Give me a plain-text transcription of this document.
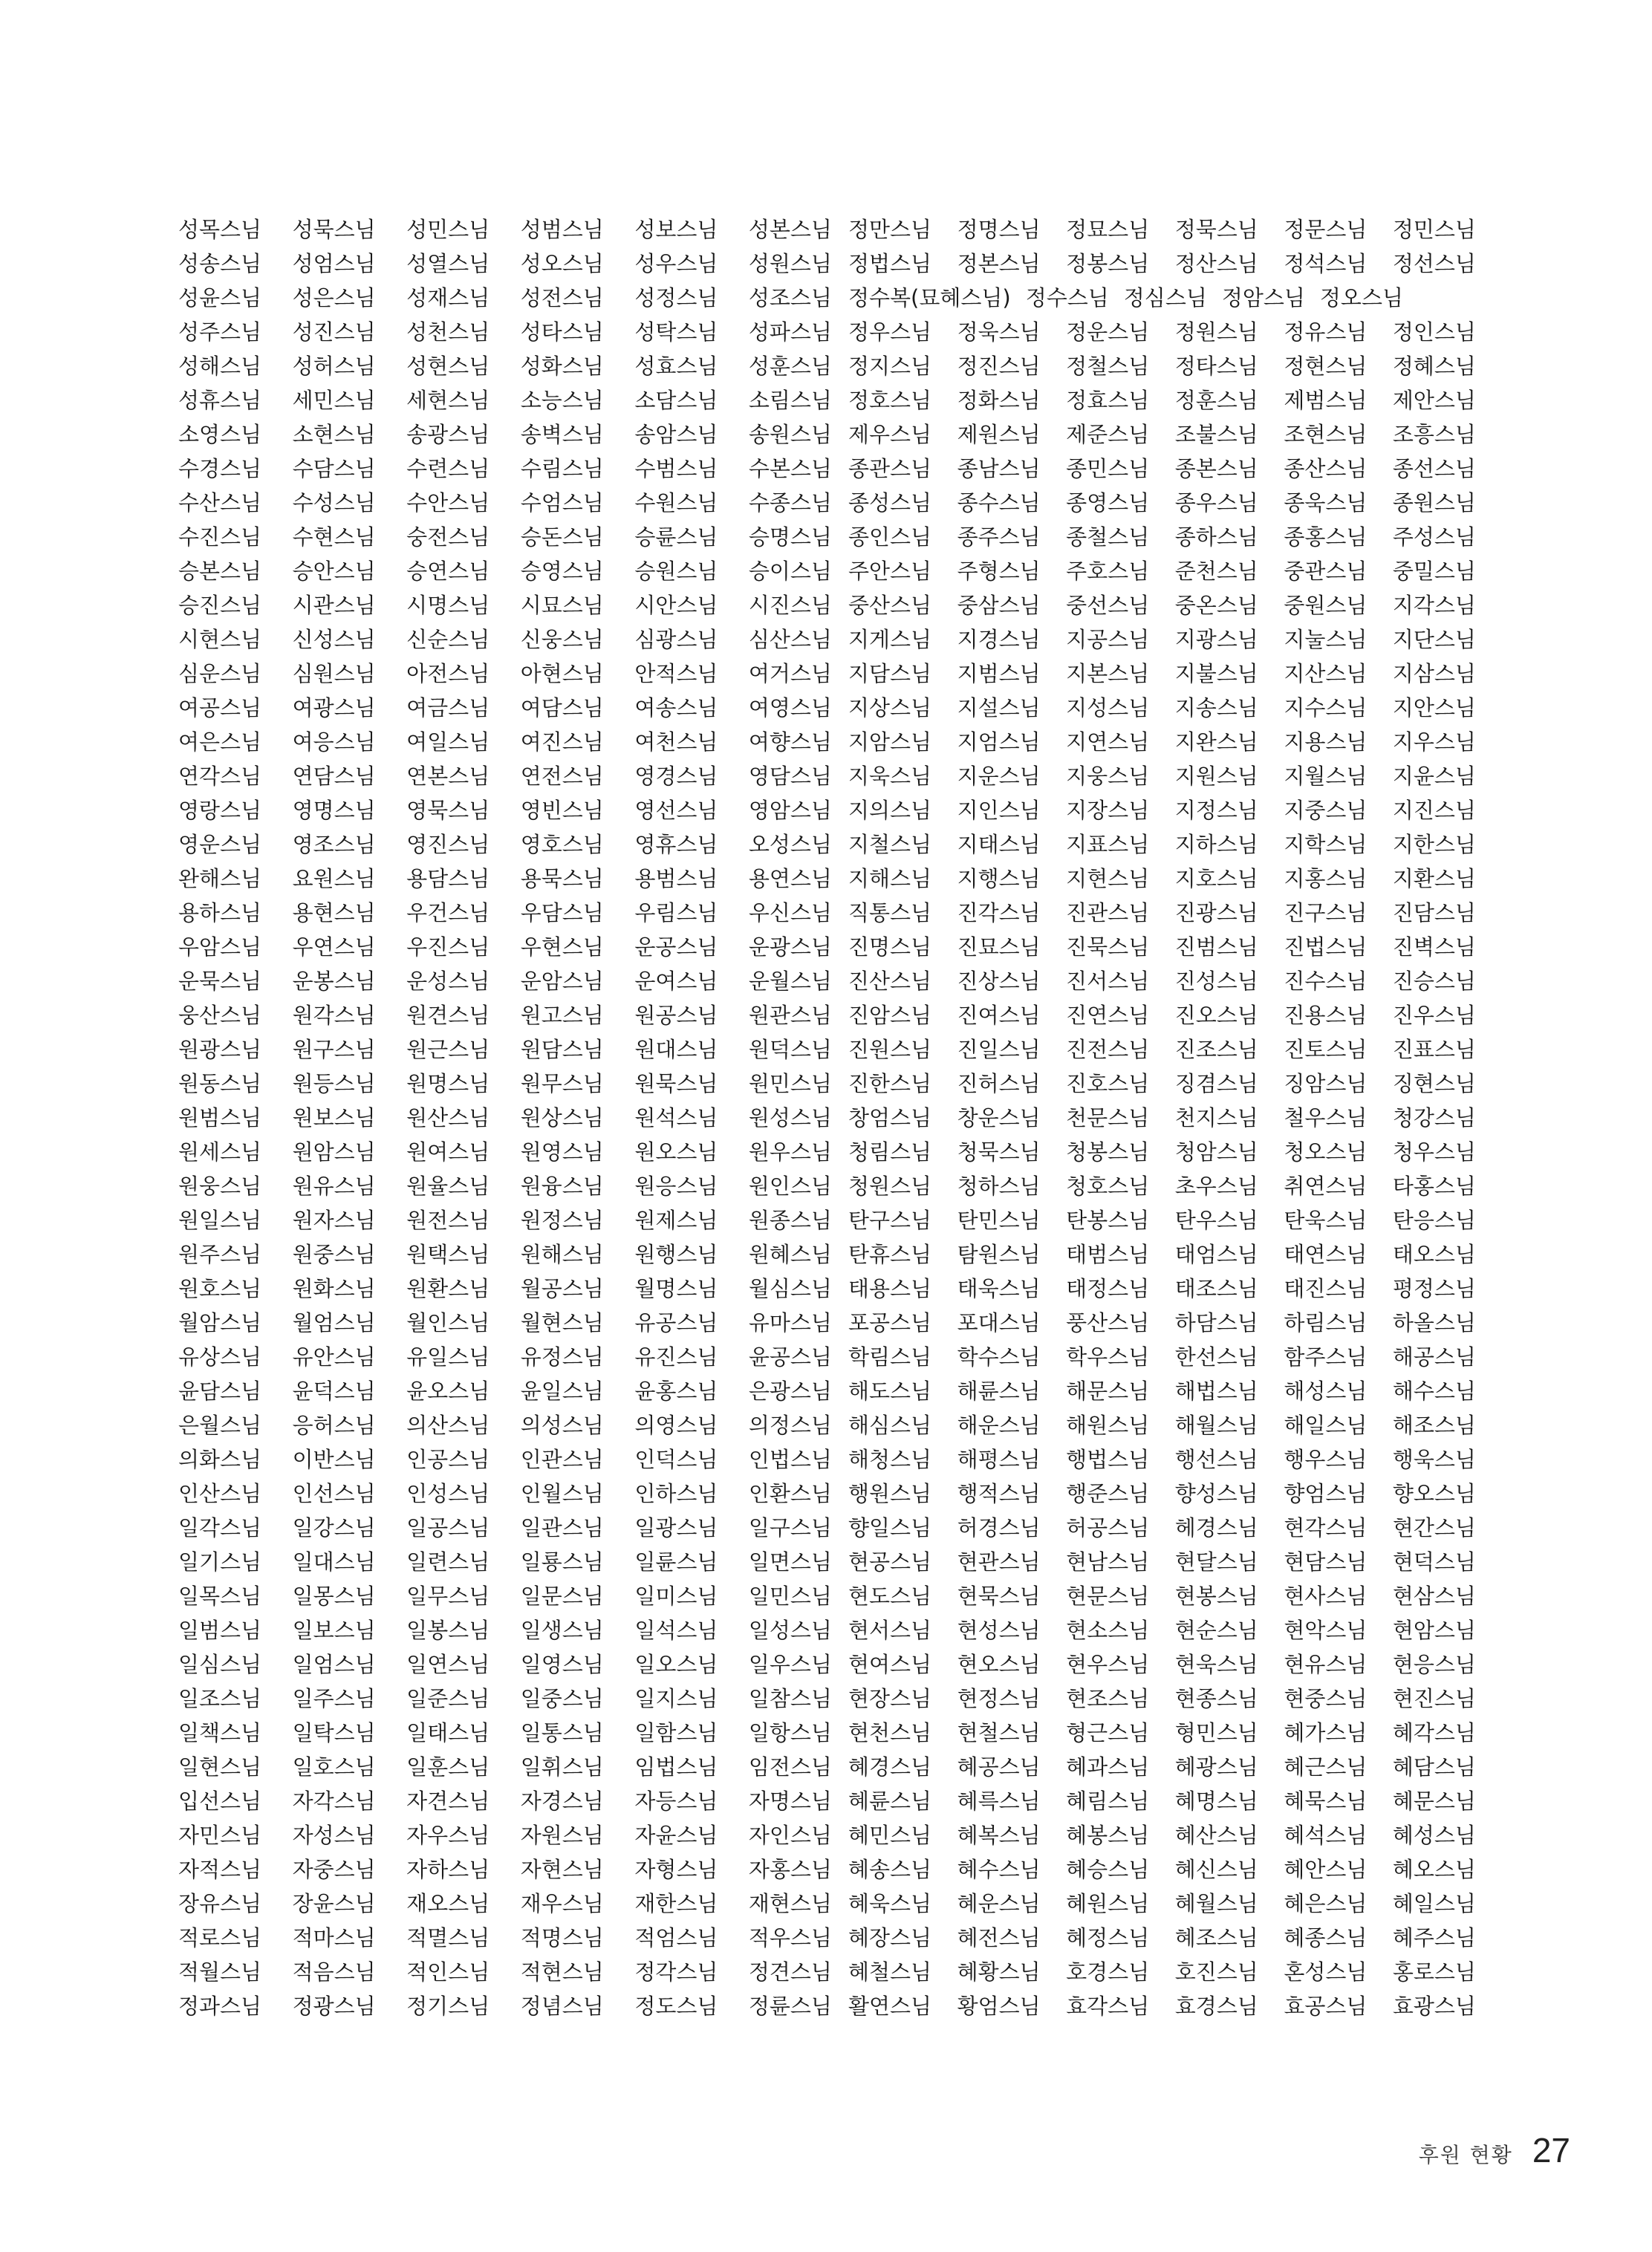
성목스님 성묵스님 성민스님 성범스님 성보스님 성본스님
성송스님 성엄스님 성열스님 성오스님 성우스님 성원스님
성윤스님 성은스님 성재스님 성전스님 성정스님 성조스님
성주스님 성진스님 성천스님 성타스님 성탁스님 성파스님
성해스님 성허스님 성현스님 성화스님 성효스님 성훈스님
성휴스님 세민스님 세현스님 소능스님 소담스님 소림스님
소영스님 소현스님 송광스님 송벽스님 송암스님 송원스님
수경스님 수담스님 수련스님 수림스님 수범스님 수본스님
수산스님 수성스님 수안스님 수엄스님 수원스님 수종스님
수진스님 수현스님 숭전스님 승돈스님 승륜스님 승명스님
승본스님 승안스님 승연스님 승영스님 승원스님 승이스님
승진스님 시관스님 시명스님 시묘스님 시안스님 시진스님
시현스님 신성스님 신순스님 신웅스님 심광스님 심산스님
심운스님 심원스님 아전스님 아현스님 안적스님 여거스님
여공스님 여광스님 여금스님 여담스님 여송스님 여영스님
여은스님 여응스님 여일스님 여진스님 여천스님 여향스님
연각스님 연담스님 연본스님 연전스님 영경스님 영담스님
영랑스님 영명스님 영묵스님 영빈스님 영선스님 영암스님
영운스님 영조스님 영진스님 영호스님 영휴스님 오성스님
완해스님 요원스님 용담스님 용묵스님 용범스님 용연스님
용하스님 용현스님 우건스님 우담스님 우림스님 우신스님
우암스님 우연스님 우진스님 우현스님 운공스님 운광스님
운묵스님 운봉스님 운성스님 운암스님 운여스님 운월스님
웅산스님 원각스님 원견스님 원고스님 원공스님 원관스님
원광스님 원구스님 원근스님 원담스님 원대스님 원덕스님
원동스님 원등스님 원명스님 원무스님 원묵스님 원민스님
원범스님 원보스님 원산스님 원상스님 원석스님 원성스님
원세스님 원암스님 원여스님 원영스님 원오스님 원우스님
원웅스님 원유스님 원율스님 원융스님 원응스님 원인스님
원일스님 원자스님 원전스님 원정스님 원제스님 원종스님
원주스님 원중스님 원택스님 원해스님 원행스님 원혜스님
원호스님 원화스님 원환스님 월공스님 월명스님 월심스님
월암스님 월엄스님 월인스님 월현스님 유공스님 유마스님
유상스님 유안스님 유일스님 유정스님 유진스님 윤공스님
윤담스님 윤덕스님 윤오스님 윤일스님 윤홍스님 은광스님
은월스님 응허스님 의산스님 의성스님 의영스님 의정스님
의화스님 이반스님 인공스님 인관스님 인덕스님 인법스님
인산스님 인선스님 인성스님 인월스님 인하스님 인환스님
일각스님 일강스님 일공스님 일관스님 일광스님 일구스님
일기스님 일대스님 일련스님 일룡스님 일륜스님 일면스님
일목스님 일몽스님 일무스님 일문스님 일미스님 일민스님
일범스님 일보스님 일봉스님 일생스님 일석스님 일성스님
일심스님 일엄스님 일연스님 일영스님 일오스님 일우스님
일조스님 일주스님 일준스님 일중스님 일지스님 일참스님
일책스님 일탁스님 일태스님 일통스님 일함스님 일항스님
일현스님 일호스님 일훈스님 일휘스님 임법스님 임전스님
입선스님 자각스님 자견스님 자경스님 자등스님 자명스님
자민스님 자성스님 자우스님 자원스님 자윤스님 자인스님
자적스님 자중스님 자하스님 자현스님 자형스님 자홍스님
장유스님 장윤스님 재오스님 재우스님 재한스님 재현스님
적로스님 적마스님 적멸스님 적명스님 적엄스님 적우스님
적월스님 적음스님 적인스님 적현스님 정각스님 정견스님
정과스님 정광스님 정기스님 정념스님 정도스님 정륜스님
정만스님 정명스님 정묘스님 정묵스님 정문스님 정민스님
정법스님 정본스님 정봉스님 정산스님 정석스님 정선스님
정수복(묘혜스님) 정수스님 정심스님 정암스님 정오스님
정우스님 정욱스님 정운스님 정원스님 정유스님 정인스님
정지스님 정진스님 정철스님 정타스님 정현스님 정혜스님
정호스님 정화스님 정효스님 정훈스님 제범스님 제안스님
제우스님 제원스님 제준스님 조불스님 조현스님 조흥스님
종관스님 종남스님 종민스님 종본스님 종산스님 종선스님
종성스님 종수스님 종영스님 종우스님 종욱스님 종원스님
종인스님 종주스님 종철스님 종하스님 종홍스님 주성스님
주안스님 주형스님 주호스님 준천스님 중관스님 중밀스님
중산스님 중삼스님 중선스님 중온스님 중원스님 지각스님
지게스님 지경스님 지공스님 지광스님 지눌스님 지단스님
지담스님 지범스님 지본스님 지불스님 지산스님 지삼스님
지상스님 지설스님 지성스님 지송스님 지수스님 지안스님
지암스님 지엄스님 지연스님 지완스님 지용스님 지우스님
지욱스님 지운스님 지웅스님 지원스님 지월스님 지윤스님
지의스님 지인스님 지장스님 지정스님 지중스님 지진스님
지철스님 지태스님 지표스님 지하스님 지학스님 지한스님
지해스님 지행스님 지현스님 지호스님 지홍스님 지환스님
직통스님 진각스님 진관스님 진광스님 진구스님 진담스님
진명스님 진묘스님 진묵스님 진범스님 진법스님 진벽스님
진산스님 진상스님 진서스님 진성스님 진수스님 진승스님
진암스님 진여스님 진연스님 진오스님 진용스님 진우스님
진원스님 진일스님 진전스님 진조스님 진토스님 진표스님
진한스님 진허스님 진호스님 징겸스님 징암스님 징현스님
창엄스님 창운스님 천문스님 천지스님 철우스님 청강스님
청림스님 청묵스님 청봉스님 청암스님 청오스님 청우스님
청원스님 청하스님 청호스님 초우스님 취연스님 타홍스님
탄구스님 탄민스님 탄봉스님 탄우스님 탄욱스님 탄응스님
탄휴스님 탐원스님 태범스님 태엄스님 태연스님 태오스님
태용스님 태욱스님 태정스님 태조스님 태진스님 평정스님
포공스님 포대스님 풍산스님 하담스님 하림스님 하올스님
학림스님 학수스님 학우스님 한선스님 함주스님 해공스님
해도스님 해륜스님 해문스님 해법스님 해성스님 해수스님
해심스님 해운스님 해원스님 해월스님 해일스님 해조스님
해청스님 해평스님 행법스님 행선스님 행우스님 행욱스님
행원스님 행적스님 행준스님 향성스님 향엄스님 향오스님
향일스님 허경스님 허공스님 헤경스님 현각스님 현간스님
현공스님 현관스님 현남스님 현달스님 현담스님 현덕스님
현도스님 현묵스님 현문스님 현봉스님 현사스님 현삼스님
현서스님 현성스님 현소스님 현순스님 현악스님 현암스님
현여스님 현오스님 현우스님 현욱스님 현유스님 현응스님
현장스님 현정스님 현조스님 현종스님 현중스님 현진스님
현천스님 현철스님 형근스님 형민스님 혜가스님 혜각스님
혜경스님 혜공스님 혜과스님 혜광스님 혜근스님 혜담스님
혜륜스님 혜륵스님 혜림스님 혜명스님 혜묵스님 혜문스님
혜민스님 혜복스님 혜봉스님 혜산스님 혜석스님 혜성스님
혜송스님 혜수스님 혜승스님 혜신스님 혜안스님 혜오스님
혜욱스님 혜운스님 혜원스님 혜월스님 혜은스님 혜일스님
혜장스님 혜전스님 혜정스님 혜조스님 혜종스님 혜주스님
혜철스님 혜황스님 호경스님 호진스님 혼성스님 홍로스님
활연스님 황엄스님 효각스님 효경스님 효공스님 효광스님
후원 현황 27
